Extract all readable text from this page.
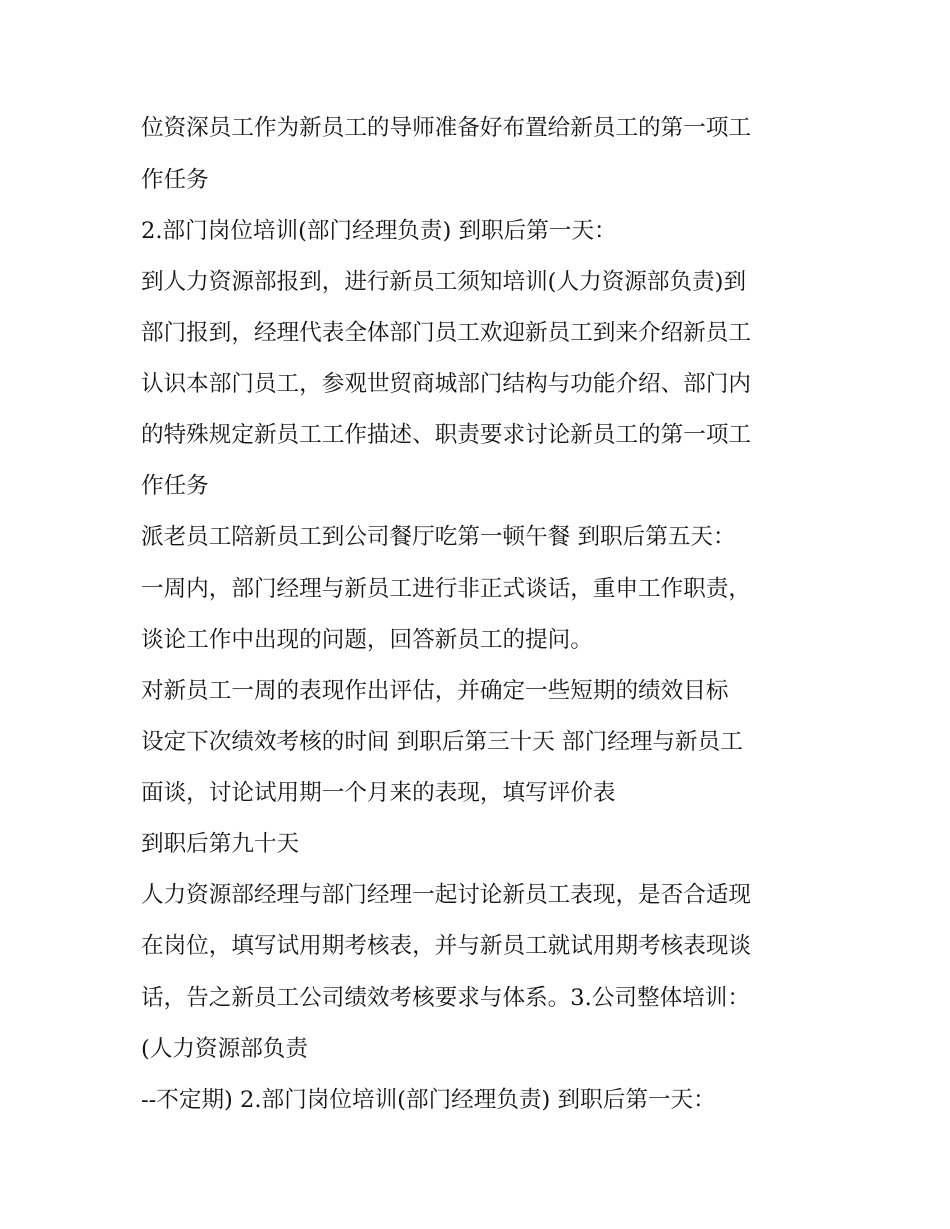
位资深员工作为新员工的导师准备好布置给新员工的第一项工

作任务

2.部门岗位培训(部门经理负责) 到职后第一天：

到人力资源部报到，进行新员工须知培训(人力资源部负责)到

部门报到，经理代表全体部门员工欢迎新员工到来介绍新员工

认识本部门员工，参观世贸商城部门结构与功能介绍、部门内

的特殊规定新员工工作描述、职责要求讨论新员工的第一项工

作任务

派老员工陪新员工到公司餐厅吃第一顿午餐 到职后第五天：

一周内，部门经理与新员工进行非正式谈话，重申工作职责，

谈论工作中出现的问题，回答新员工的提问。

对新员工一周的表现作出评估，并确定一些短期的绩效目标

设定下次绩效考核的时间 到职后第三十天 部门经理与新员工

面谈，讨论试用期一个月来的表现，填写评价表

到职后第九十天

人力资源部经理与部门经理一起讨论新员工表现，是否合适现

在岗位，填写试用期考核表，并与新员工就试用期考核表现谈

话，告之新员工公司绩效考核要求与体系。3.公司整体培训：

(人力资源部负责

--不定期) 2.部门岗位培训(部门经理负责) 到职后第一天：
